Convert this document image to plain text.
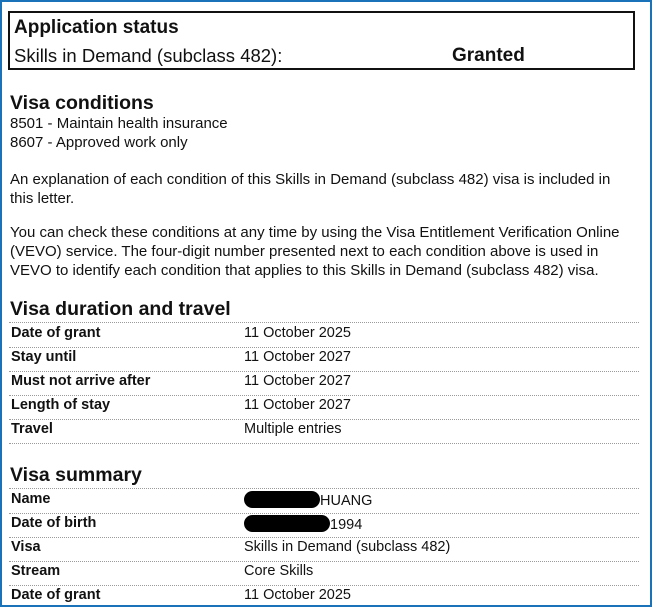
Application status
Skills in Demand (subclass 482):	Granted
Visa conditions
8501 - Maintain health insurance
8607 - Approved work only
An explanation of each condition of this Skills in Demand (subclass 482) visa is included in this letter.
You can check these conditions at any time by using the Visa Entitlement Verification Online (VEVO) service. The four-digit number presented next to each condition above is used in VEVO to identify each condition that applies to this Skills in Demand (subclass 482) visa.
Visa duration and travel
Date of grant	11 October 2025
Stay until	11 October 2027
Must not arrive after	11 October 2027
Length of stay	11 October 2027
Travel	Multiple entries
Visa summary
Name	HUANG
Date of birth	1994
Visa	Skills in Demand (subclass 482)
Stream	Core Skills
Date of grant	11 October 2025
